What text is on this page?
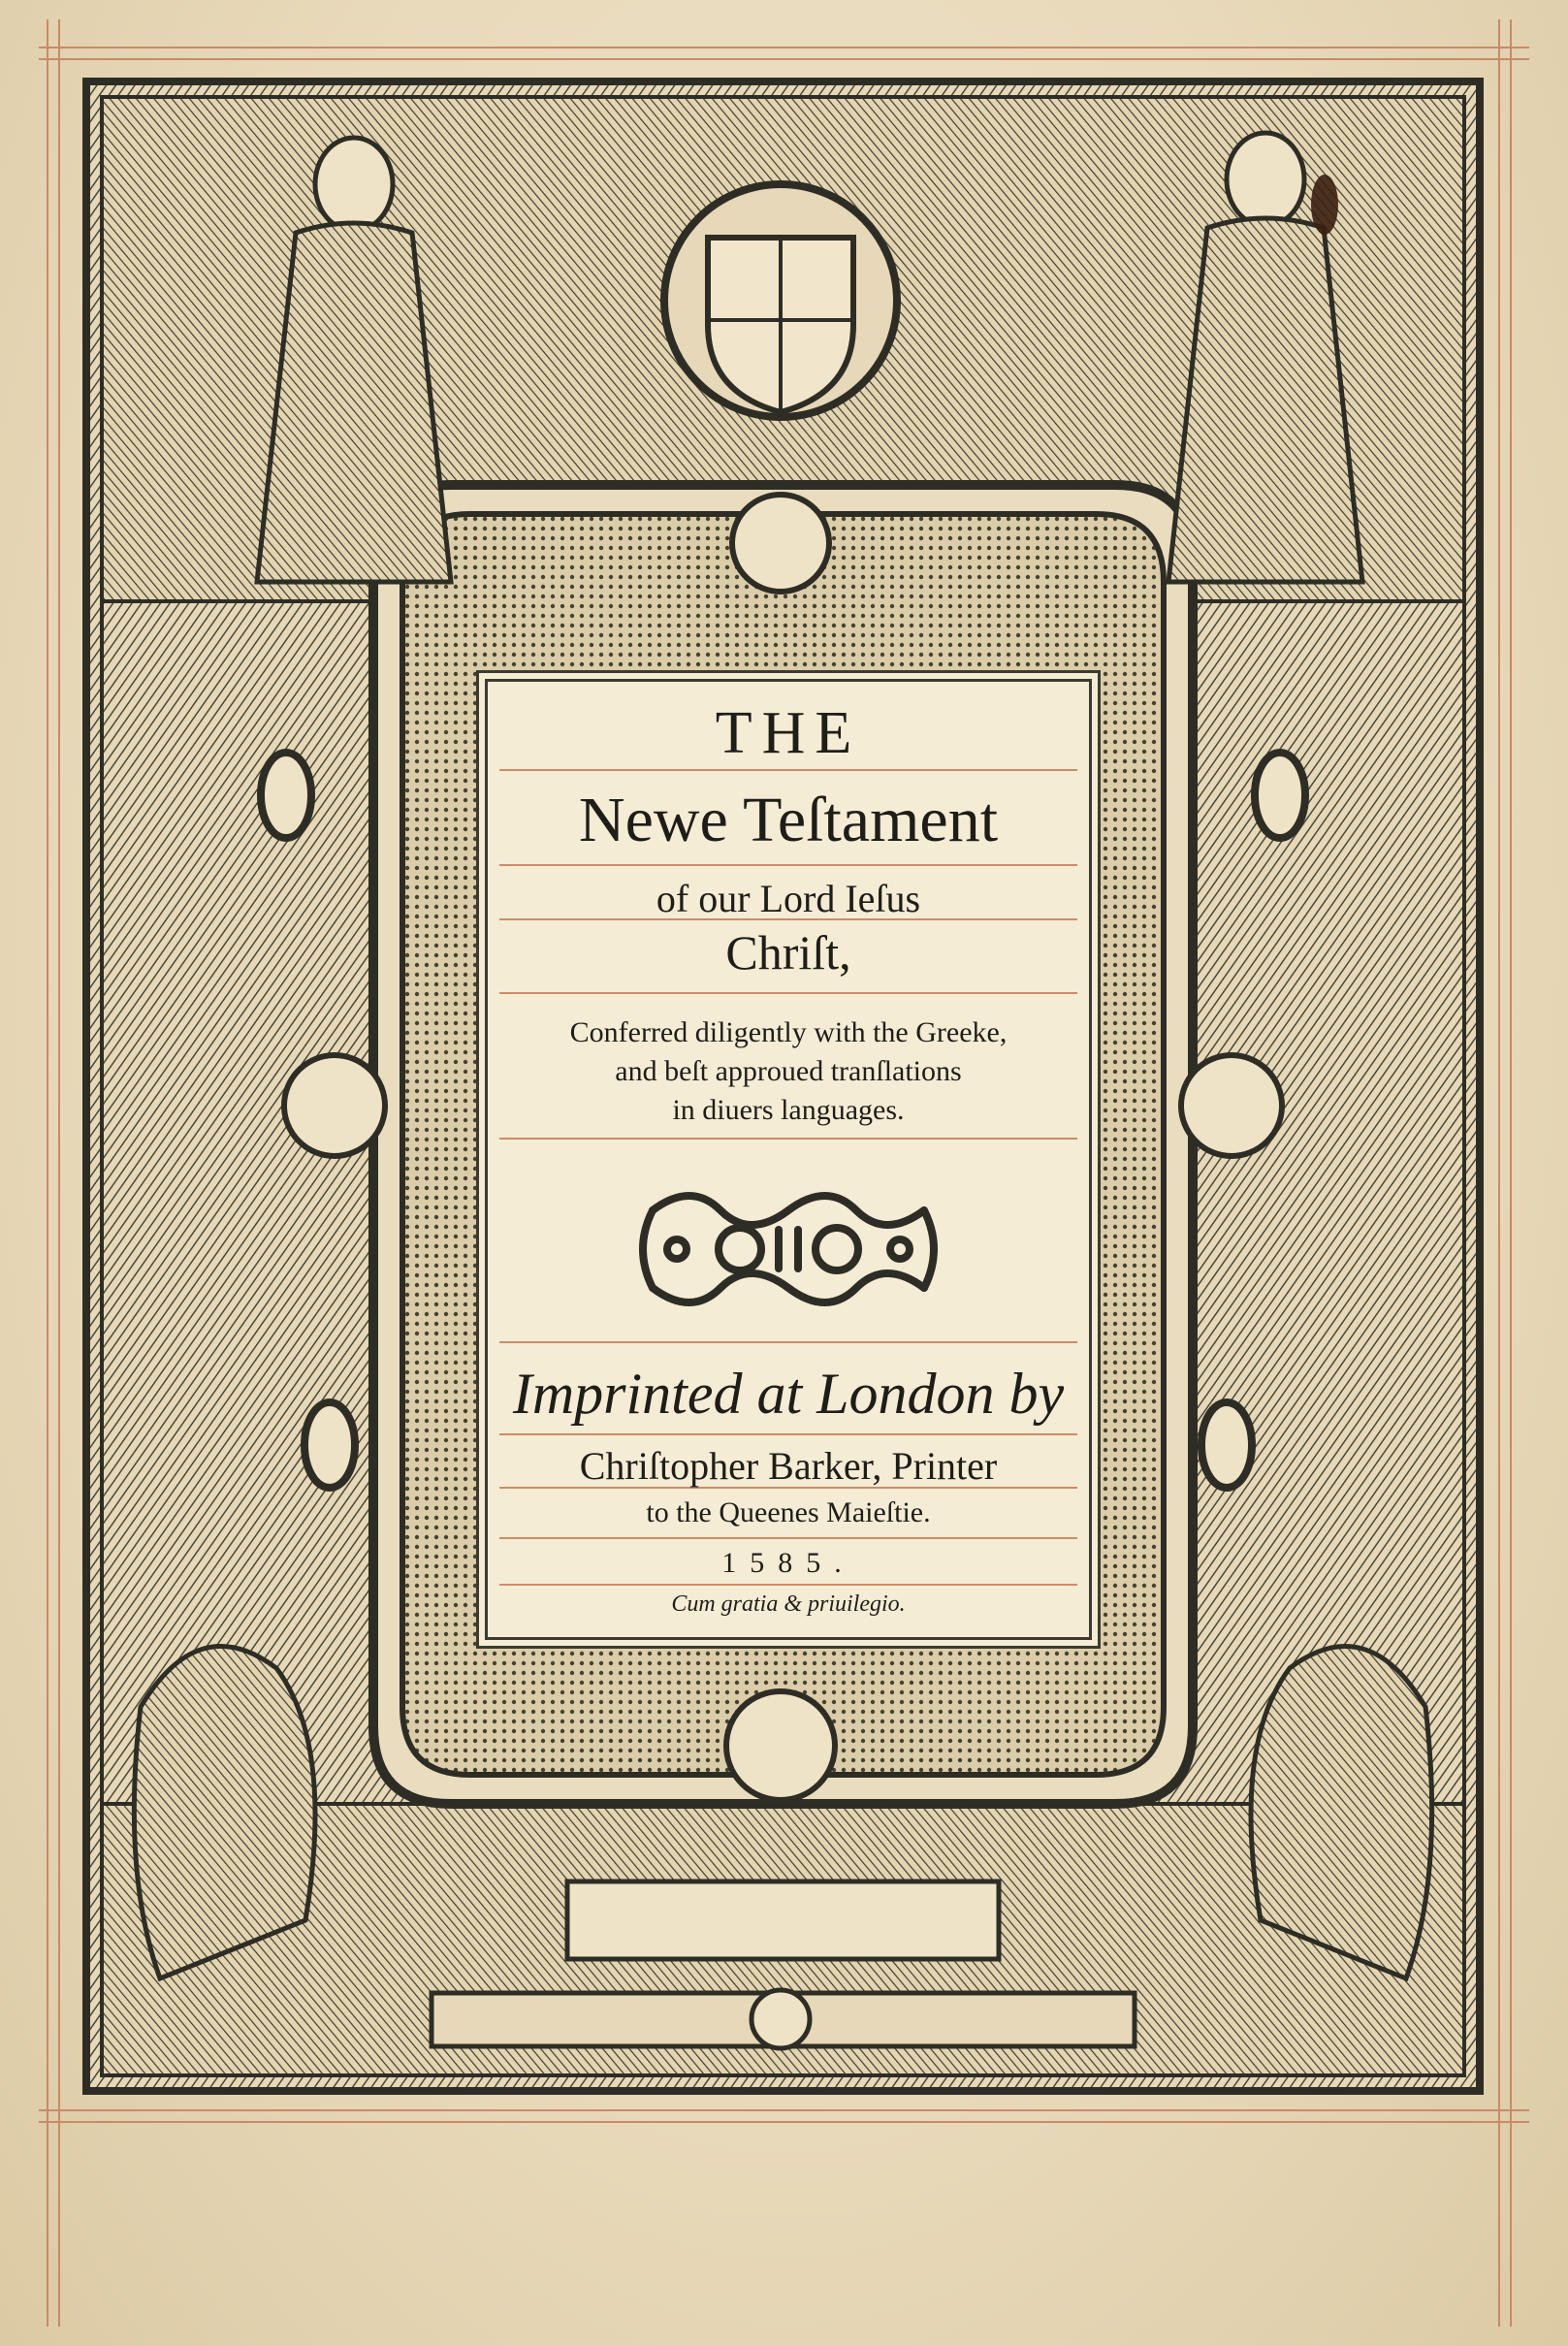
THE
Newe Teſtament
of our Lord Ieſus
Chriſt,
Conferred diligently with the Greeke,
and beſt approued tranſlations
in diuers languages.
Imprinted at London by
Chriſtopher Barker, Printer
to the Queenes Maieſtie.
1585.
Cum gratia & priuilegio.
